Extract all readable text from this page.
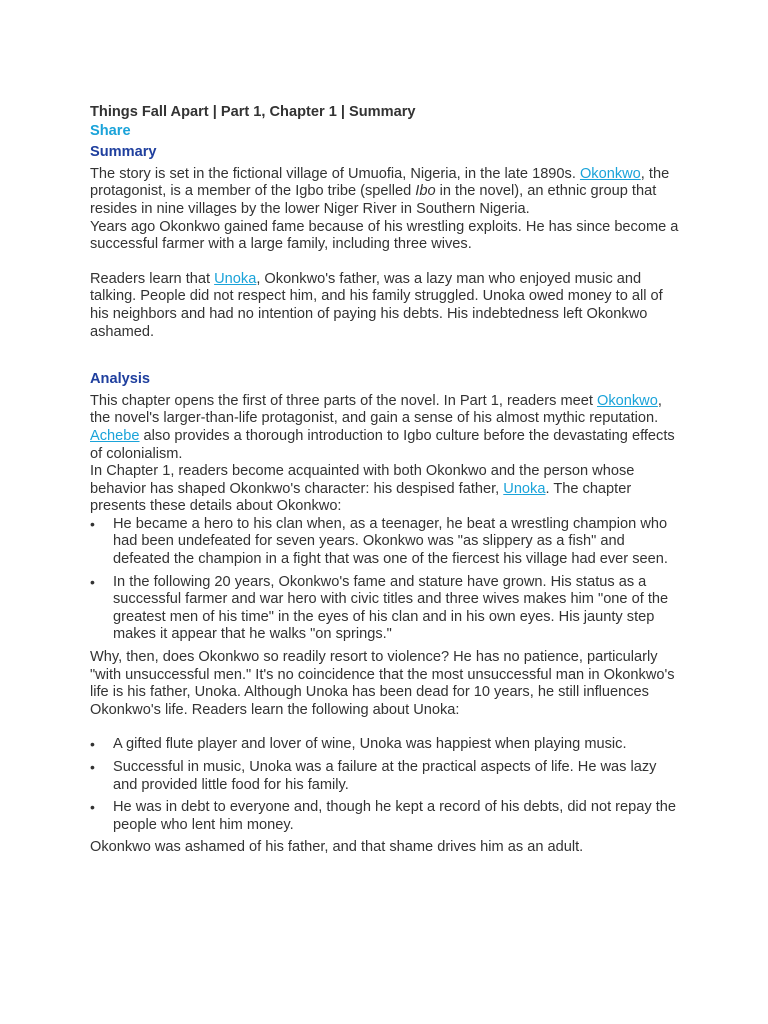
Things Fall Apart | Part 1, Chapter 1 | Summary

Share
Summary

The story is set in the fictional village of Umuofia, Nigeria, in the late 1890s. Okonkwo, the protagonist, is a member of the Igbo tribe (spelled Ibo in the novel), an ethnic group that resides in nine villages by the lower Niger River in Southern Nigeria.

Years ago Okonkwo gained fame because of his wrestling exploits. He has since become a successful farmer with a large family, including three wives.

Readers learn that Unoka, Okonkwo's father, was a lazy man who enjoyed music and talking. People did not respect him, and his family struggled. Unoka owed money to all of his neighbors and had no intention of paying his debts. His indebtedness left Okonkwo ashamed.

Analysis

This chapter opens the first of three parts of the novel. In Part 1, readers meet Okonkwo, the novel's larger-than-life protagonist, and gain a sense of his almost mythic reputation. Achebe also provides a thorough introduction to Igbo culture before the devastating effects of colonialism.

In Chapter 1, readers become acquainted with both Okonkwo and the person whose behavior has shaped Okonkwo's character: his despised father, Unoka. The chapter presents these details about Okonkwo:

• He became a hero to his clan when, as a teenager, he beat a wrestling champion who had been undefeated for seven years. Okonkwo was "as slippery as a fish" and defeated the champion in a fight that was one of the fiercest his village had ever seen.
• In the following 20 years, Okonkwo's fame and stature have grown. His status as a successful farmer and war hero with civic titles and three wives makes him "one of the greatest men of his time" in the eyes of his clan and in his own eyes. His jaunty step makes it appear that he walks "on springs."

Why, then, does Okonkwo so readily resort to violence? He has no patience, particularly "with unsuccessful men." It's no coincidence that the most unsuccessful man in Okonkwo's life is his father, Unoka. Although Unoka has been dead for 10 years, he still influences Okonkwo's life. Readers learn the following about Unoka:

• A gifted flute player and lover of wine, Unoka was happiest when playing music.
• Successful in music, Unoka was a failure at the practical aspects of life. He was lazy and provided little food for his family.
• He was in debt to everyone and, though he kept a record of his debts, did not repay the people who lent him money.

Okonkwo was ashamed of his father, and that shame drives him as an adult.
